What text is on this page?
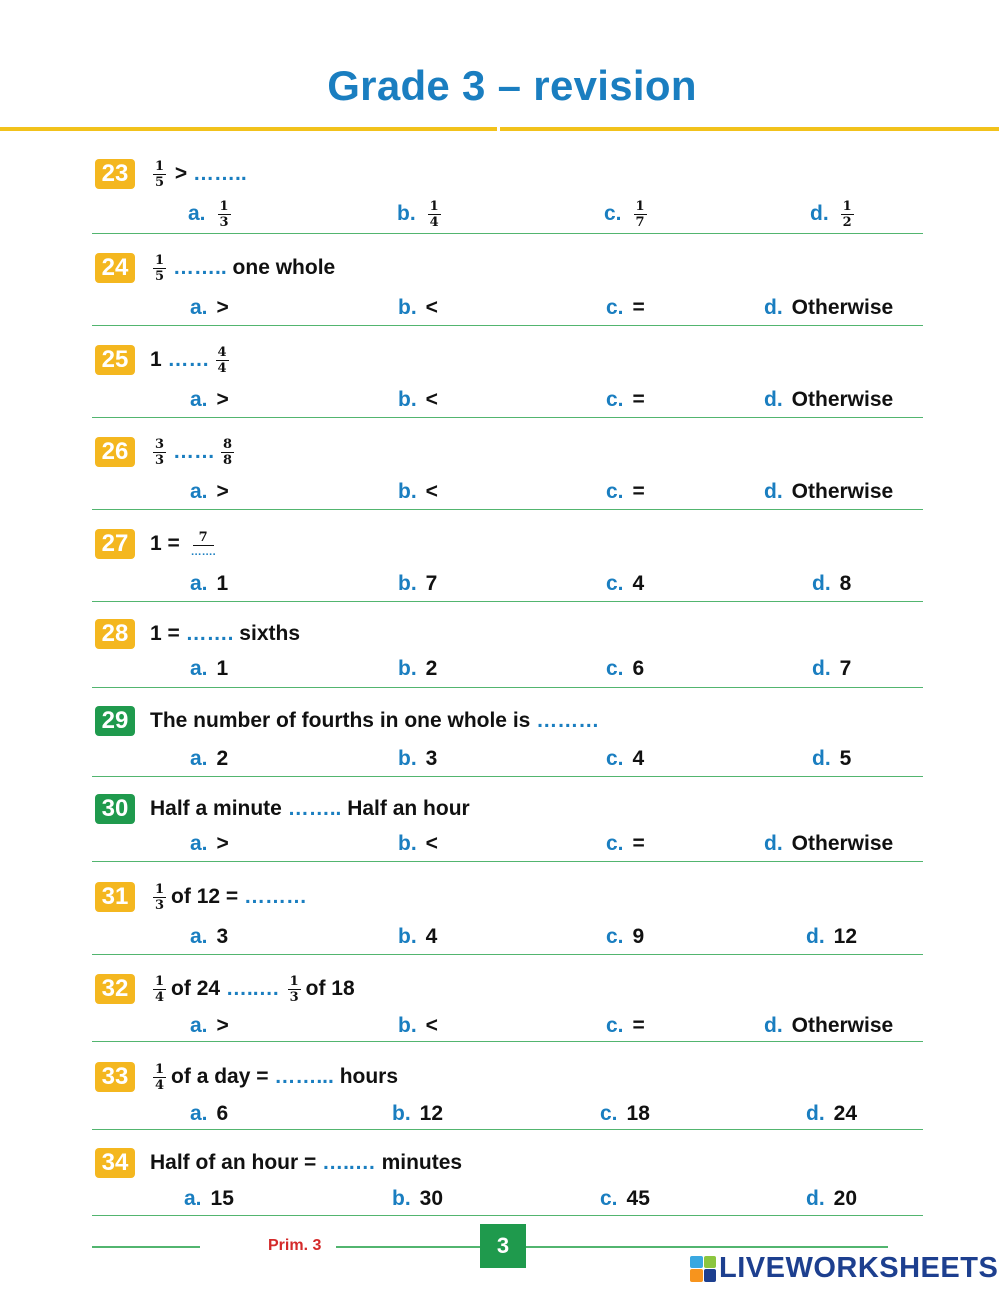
Grade 3 – revision
23	$\frac{1}{5}$ > ……..
a. $\frac{1}{3}$	b. $\frac{1}{4}$	c. $\frac{1}{7}$	d. $\frac{1}{2}$
24	$\frac{1}{5}$ …….. one whole
a. >	b. <	c. =	d. Otherwise
25	1 …… $\frac{4}{4}$
a. >	b. <	c. =	d. Otherwise
26	$\frac{3}{3}$ …… $\frac{8}{8}$
a. >	b. <	c. =	d. Otherwise
27	$1 = \frac{7}{\dots\dots.}$
a. 1	b. 7	c. 4	d. 8
28	1 = ……. sixths
a. 1	b. 2	c. 6	d. 7
29	The number of fourths in one whole is ………
a. 2	b. 3	c. 4	d. 5
30	Half a minute …….. Half an hour
a. >	b. <	c. =	d. Otherwise
31	$\frac{1}{3}$ of 12 = ………
a. 3	b. 4	c. 9	d. 12
32	$\frac{1}{4}$ of 24 …..… $\frac{1}{3}$ of 18
a. >	b. <	c. =	d. Otherwise
33	$\frac{1}{4}$ of a day = ……... hours
a. 6	b. 12	c. 18	d. 24
34	Half of an hour = …..… minutes
a. 15	b. 30	c. 45	d. 20
Prim. 3	3
LIVEWORKSHEETS
